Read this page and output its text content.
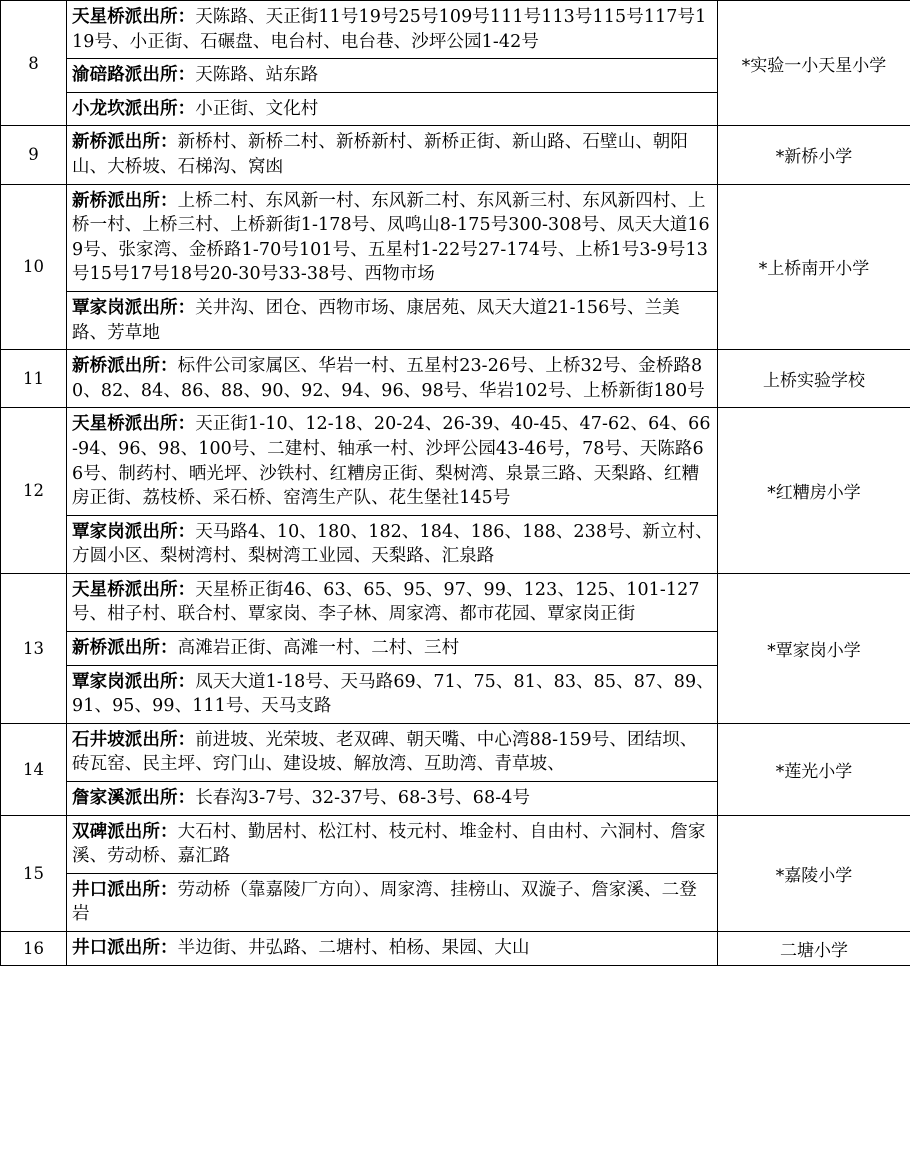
8	天星桥派出所：天陈路、天正街11号19号25号109号111号113号115号117号119号、小正街、石碾盘、电台村、电台巷、沙坪公园1-42号	*实验一小天星小学
	渝碚路派出所：天陈路、站东路	
	小龙坎派出所：小正街、文化村	
9	新桥派出所：新桥村、新桥二村、新桥新村、新桥正街、新山路、石壁山、朝阳山、大桥坡、石梯沟、窝凼	*新桥小学
10	新桥派出所：上桥二村、东风新一村、东风新二村、东风新三村、东风新四村、上桥一村、上桥三村、上桥新街1-178号、凤鸣山8-175号300-308号、凤天大道169号、张家湾、金桥路1-70号101号、五星村1-22号27-174号、上桥1号3-9号13号15号17号18号20-30号33-38号、西物市场	*上桥南开小学
	覃家岗派出所：关井沟、团仓、西物市场、康居苑、凤天大道21-156号、兰美路、芳草地	
11	新桥派出所：标件公司家属区、华岩一村、五星村23-26号、上桥32号、金桥路80、82、84、86、88、90、92、94、96、98号、华岩102号、上桥新街180号	上桥实验学校
12	天星桥派出所：天正街1-10、12-18、20-24、26-39、40-45、47-62、64、66-94、96、98、100号、二建村、轴承一村、沙坪公园43-46号，78号、天陈路66号、制药村、晒光坪、沙铁村、红糟房正街、梨树湾、泉景三路、天梨路、红糟房正街、荔枝桥、采石桥、窑湾生产队、花生堡社145号	*红糟房小学
	覃家岗派出所：天马路4、10、180、182、184、186、188、238号、新立村、方圆小区、梨树湾村、梨树湾工业园、天梨路、汇泉路	
13	天星桥派出所：天星桥正街46、63、65、95、97、99、123、125、101-127号、柑子村、联合村、覃家岗、李子林、周家湾、都市花园、覃家岗正街	*覃家岗小学
	新桥派出所：高滩岩正街、高滩一村、二村、三村	
	覃家岗派出所：凤天大道1-18号、天马路69、71、75、81、83、85、87、89、91、95、99、111号、天马支路	
14	石井坡派出所：前进坡、光荣坡、老双碑、朝天嘴、中心湾88-159号、团结坝、砖瓦窑、民主坪、窍门山、建设坡、解放湾、互助湾、青草坡、	*莲光小学
	詹家溪派出所：长春沟3-7号、32-37号、68-3号、68-4号	
15	双碑派出所：大石村、勤居村、松江村、枝元村、堆金村、自由村、六洞村、詹家溪、劳动桥、嘉汇路	*嘉陵小学
	井口派出所：劳动桥（靠嘉陵厂方向）、周家湾、挂榜山、双漩子、詹家溪、二登岩	
16	井口派出所：半边街、井弘路、二塘村、柏杨、果园、大山	二塘小学
